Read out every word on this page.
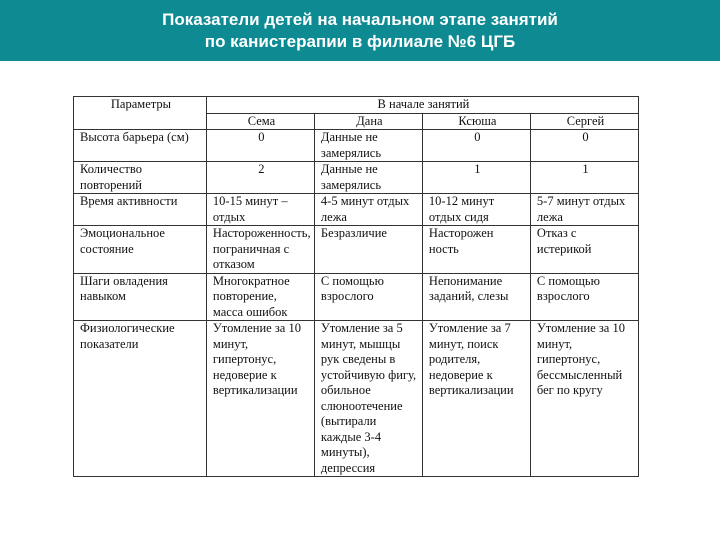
Показатели детей на начальном этапе занятий
по канистерапии в филиале №6 ЦГБ
Параметры	В начале занятий			
	Сема	Дана	Ксюша	Сергей
Высота барьера (см)	0	Данные не замерялись	0	0
Количество повторений	2	Данные не замерялись	1	1
Время активности	10-15 минут – отдых	4-5 минут отдых лежа	10-12 минут отдых сидя	5-7 минут отдых лежа
Эмоциональное состояние	Настороженность, пограничная с отказом	Безразличие	Насторожен ность	Отказ с истерикой
Шаги овладения навыком	Многократное повторение, масса ошибок	С помощью взрослого	Непонимание заданий, слезы	С помощью взрослого
Физиологические показатели	Утомление за 10 минут, гипертонус, недоверие к вертикализации	Утомление за 5 минут, мышцы рук сведены в устойчивую фигу, обильное слюноотечение (вытирали каждые 3-4 минуты), депрессия	Утомление за 7 минут, поиск родителя, недоверие к вертикализации	Утомление за 10 минут, гипертонус, бессмысленный бег по кругу
